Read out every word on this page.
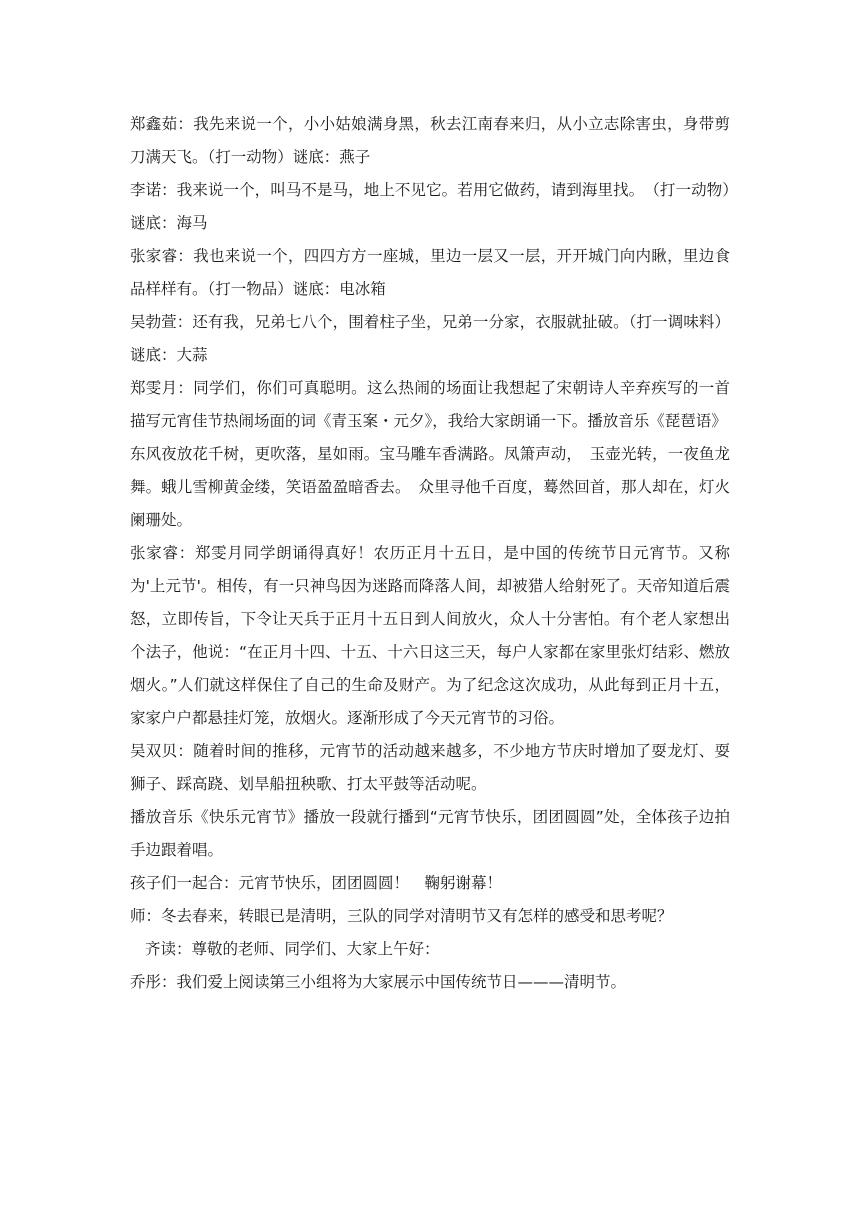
郑鑫茹：我先来说一个，小小姑娘满身黑，秋去江南春来归，从小立志除害虫，身带剪刀满天飞。（打一动物）谜底：燕子

李诺：我来说一个，叫马不是马，地上不见它。若用它做药，请到海里找。　（打一动物）谜底：海马

张家睿：我也来说一个，四四方方一座城，里边一层又一层，开开城门向内瞅，里边食品样样有。（打一物品）谜底：电冰箱

吴勃萱：还有我，兄弟七八个，围着柱子坐，兄弟一分家，衣服就扯破。（打一调味料）谜底：大蒜

郑雯月：同学们，你们可真聪明。这么热闹的场面让我想起了宋朝诗人辛弃疾写的一首描写元宵佳节热闹场面的词《青玉案・元夕》，我给大家朗诵一下。播放音乐《琵琶语》

东风夜放花千树，更吹落，星如雨。宝马雕车香满路。凤箫声动，　玉壶光转，一夜鱼龙舞。蛾儿雪柳黄金缕，笑语盈盈暗香去。　众里寻他千百度，蓦然回首，那人却在，灯火阑珊处。

张家睿：郑雯月同学朗诵得真好！农历正月十五日，是中国的传统节日元宵节。又称为'上元节'。相传，有一只神鸟因为迷路而降落人间，却被猎人给射死了。天帝知道后震怒，立即传旨，下令让天兵于正月十五日到人间放火，众人十分害怕。有个老人家想出个法子，他说：“在正月十四、十五、十六日这三天，每户人家都在家里张灯结彩、燃放烟火。”人们就这样保住了自己的生命及财产。为了纪念这次成功，从此每到正月十五，家家户户都悬挂灯笼，放烟火。逐渐形成了今天元宵节的习俗。

吴双贝：随着时间的推移，元宵节的活动越来越多，不少地方节庆时增加了耍龙灯、耍狮子、踩高跷、划旱船扭秧歌、打太平鼓等活动呢。

播放音乐《快乐元宵节》播放一段就行播到“元宵节快乐，团团圆圆”处，全体孩子边拍手边跟着唱。

孩子们一起合：元宵节快乐，团团圆圆！　鞠躬谢幕！

师：冬去春来，转眼已是清明，三队的同学对清明节又有怎样的感受和思考呢？

齐读：尊敬的老师、同学们、大家上午好：

乔彤：我们爱上阅读第三小组将为大家展示中国传统节日———清明节。
